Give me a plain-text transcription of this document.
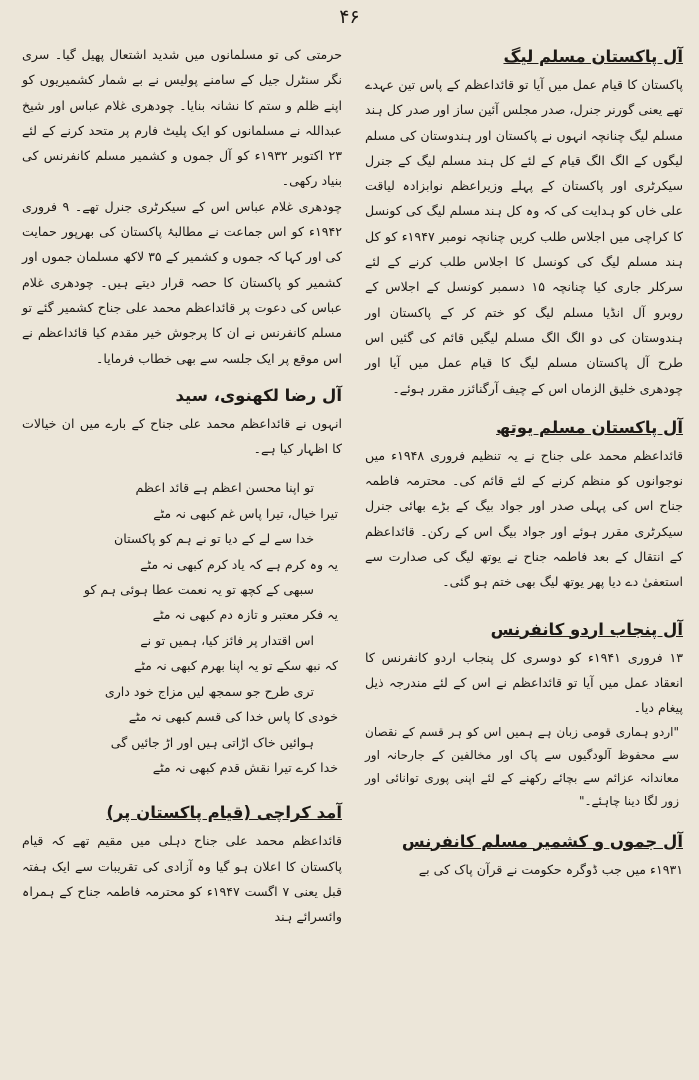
۴۶
آل پاکستان مسلم لیگ

پاکستان کا قیام عمل میں آیا تو قائداعظم کے پاس تین عہدے تھے یعنی گورنر جنرل، صدر مجلس آئین ساز اور صدر کل ہند مسلم لیگ چنانچہ انہوں نے پاکستان اور ہندوستان کی مسلم لیگوں کے الگ الگ قیام کے لئے کل ہند مسلم لیگ کے جنرل سیکرٹری اور پاکستان کے پہلے وزیراعظم نوابزادہ لیاقت علی خاں کو ہدایت کی کہ وہ کل ہند مسلم لیگ کی کونسل کا کراچی میں اجلاس طلب کریں چنانچہ نومبر ۱۹۴۷ء کو کل ہند مسلم لیگ کی کونسل کا اجلاس طلب کرنے کے لئے سرکلر جاری کیا چنانچہ ۱۵ دسمبر کونسل کے اجلاس کے روبرو آل انڈیا مسلم لیگ کو ختم کر کے پاکستان اور ہندوستان کی دو الگ الگ مسلم لیگیں قائم کی گئیں اس طرح آل پاکستان مسلم لیگ کا قیام عمل میں آیا اور چودھری خلیق الزماں اس کے چیف آرگنائزر مقرر ہوئے۔

آل پاکستان مسلم یوتھ

قائداعظم محمد علی جناح نے یہ تنظیم فروری ۱۹۴۸ء میں نوجوانوں کو منظم کرنے کے لئے قائم کی۔ محترمہ فاطمہ جناح اس کی پہلی صدر اور جواد بیگ کے بڑے بھائی جنرل سیکرٹری مقرر ہوئے اور جواد بیگ اس کے رکن۔ قائداعظم کے انتقال کے بعد فاطمہ جناح نے یوتھ لیگ کی صدارت سے استعفیٰ دے دیا پھر یوتھ لیگ بھی ختم ہو گئی۔

آل پنجاب اردو کانفرنس

۱۳ فروری ۱۹۴۱ء کو دوسری کل پنجاب اردو کانفرنس کا انعقاد عمل میں آیا تو قائداعظم نے اس کے لئے مندرجہ ذیل پیغام دیا۔

"اردو ہماری قومی زبان ہے ہمیں اس کو ہر قسم کے نقصان سے محفوظ آلودگیوں سے پاک اور مخالفین کے جارحانہ اور معاندانہ عزائم سے بچائے رکھنے کے لئے اپنی پوری توانائی اور زور لگا دینا چاہئے۔"

آل جموں و کشمیر مسلم کانفرنس

۱۹۳۱ء میں جب ڈوگرہ حکومت نے قرآن پاک کی بے

حرمتی کی تو مسلمانوں میں شدید اشتعال پھیل گیا۔ سری نگر سنٹرل جیل کے سامنے پولیس نے بے شمار کشمیریوں کو اپنے ظلم و ستم کا نشانہ بنایا۔ چودھری غلام عباس اور شیخ عبداللہ نے مسلمانوں کو ایک پلیٹ فارم پر متحد کرنے کے لئے ۲۳ اکتوبر ۱۹۳۲ء کو آل جموں و کشمیر مسلم کانفرنس کی بنیاد رکھی۔

چودھری غلام عباس اس کے سیکرٹری جنرل تھے۔ ۹ فروری ۱۹۴۲ء کو اس جماعت نے مطالبۂ پاکستان کی بھرپور حمایت کی اور کہا کہ جموں و کشمیر کے ۳۵ لاکھ مسلمان جموں اور کشمیر کو پاکستان کا حصہ قرار دیتے ہیں۔ چودھری غلام عباس کی دعوت پر قائداعظم محمد علی جناح کشمیر گئے تو مسلم کانفرنس نے ان کا پرجوش خیر مقدم کیا قائداعظم نے اس موقع پر ایک جلسہ سے بھی خطاب فرمایا۔

آل رضا لکھنوی، سید

انہوں نے قائداعظم محمد علی جناح کے بارے میں ان خیالات کا اظہار کیا ہے۔

تو اپنا محسن اعظم ہے قائد اعظم
تیرا خیال، تیرا پاس غم کبھی نہ مٹے
خدا سے لے کے دیا تو نے ہم کو پاکستان
یہ وہ کرم ہے کہ یاد کرم کبھی نہ مٹے
سبھی کے کچھ تو یہ نعمت عطا ہوئی ہم کو
یہ فکر معتبر و تازہ دم کبھی نہ مٹے
اس اقتدار پر فائز کیا، ہمیں تو نے
کہ نبھ سکے تو یہ اپنا بھرم کبھی نہ مٹے
تری طرح جو سمجھ لیں مزاج خود داری
خودی کا پاس خدا کی قسم کبھی نہ مٹے
ہوائیں خاک اڑاتی ہیں اور اڑ جائیں گی
خدا کرے تیرا نقش قدم کبھی نہ مٹے
آمد کراچی (قیام پاکستان پر)

قائداعظم محمد علی جناح دہلی میں مقیم تھے کہ قیام پاکستان کا اعلان ہو گیا وہ آزادی کی تقریبات سے ایک ہفتہ قبل یعنی ۷ اگست ۱۹۴۷ء کو محترمہ فاطمہ جناح کے ہمراہ وائسرائے ہند
